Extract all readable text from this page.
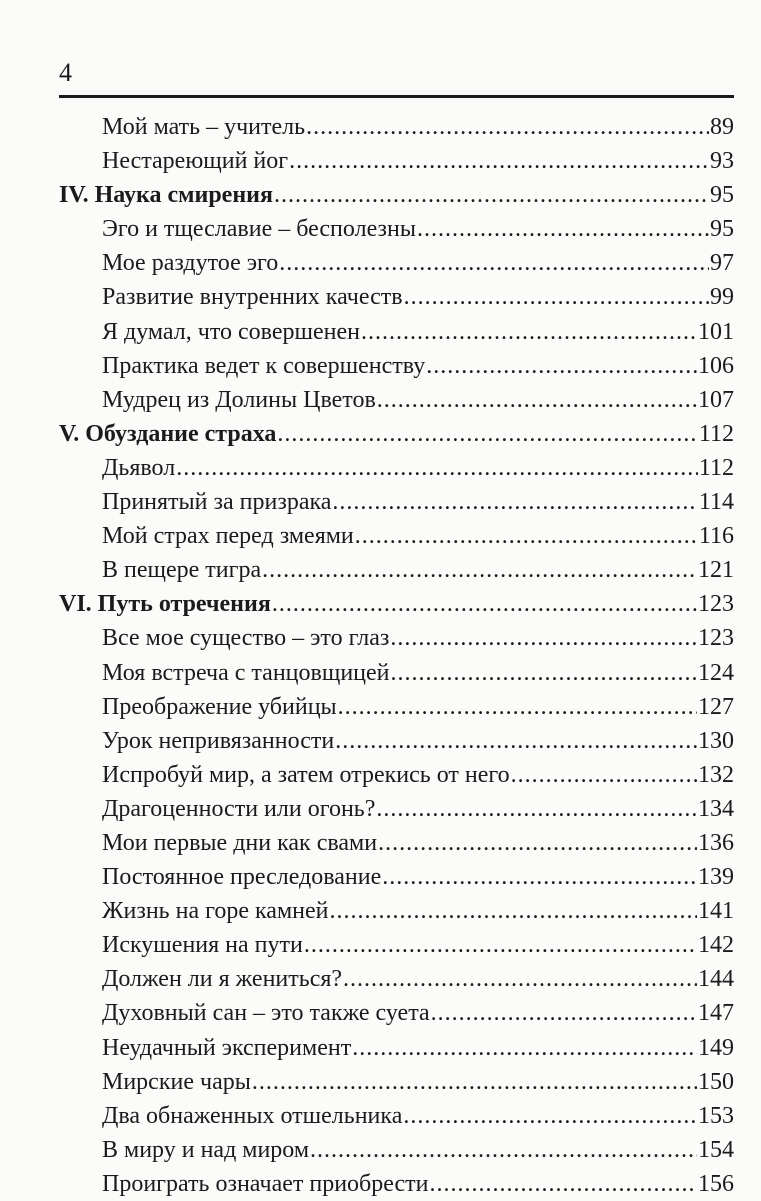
4
Мой мать – учитель .....	89
Нестареющий йог .....	93
IV. Наука смирения .....	95
Эго и тщеславие – бесполезны .....	95
Мое раздутое эго .....	97
Развитие внутренних качеств .....	99
Я думал, что совершенен .....	101
Практика ведет к совершенству .....	106
Мудрец из Долины Цветов .....	107
V. Обуздание страха .....	112
Дьявол .....	112
Принятый за призрака .....	114
Мой страх перед змеями .....	116
В пещере тигра .....	121
VI. Путь отречения .....	123
Все мое существо – это глаз .....	123
Моя встреча с танцовщицей .....	124
Преображение убийцы .....	127
Урок непривязанности .....	130
Испробуй мир, а затем отрекись от него .....	132
Драгоценности или огонь? .....	134
Мои первые дни как свами .....	136
Постоянное преследование .....	139
Жизнь на горе камней .....	141
Искушения на пути .....	142
Должен ли я жениться? .....	144
Духовный сан – это также суета .....	147
Неудачный эксперимент .....	149
Мирские чары .....	150
Два обнаженных отшельника .....	153
В миру и над миром .....	154
Проиграть означает приобрести .....	156
